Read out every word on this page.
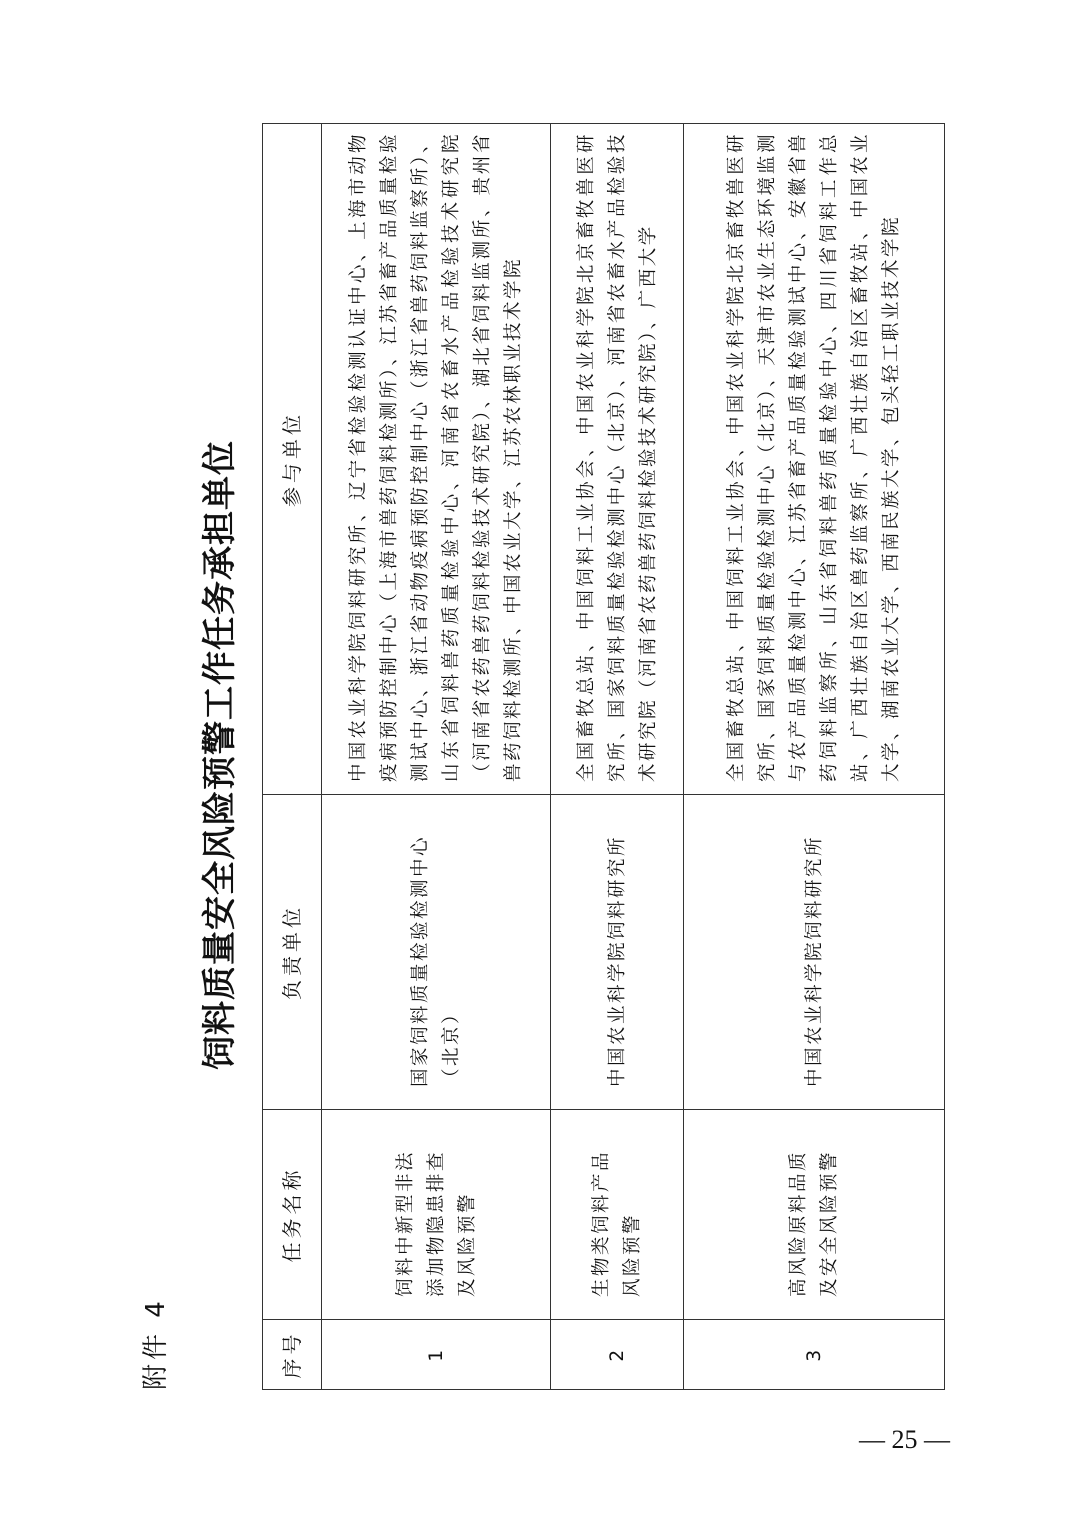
附件 4
饲料质量安全风险预警工作任务承担单位
序号	任务名称	负责单位	参与单位
1	饲料中新型非法添加物隐患排查及风险预警	国家饲料质量检验检测中心（北京）	中国农业科学院饲料研究所、辽宁省检验检测认证中心、上海市动物疫病预防控制中心（上海市兽药饲料检测所）、江苏省畜产品质量检验测试中心、浙江省动物疫病预防控制中心（浙江省兽药饲料监察所）、山东省饲料兽药质量检验中心、河南省农畜水产品检验技术研究院（河南省农药兽药饲料检验技术研究院）、湖北省饲料监测所、贵州省兽药饲料检测所、中国农业大学、江苏农林职业技术学院
2	生物类饲料产品风险预警	中国农业科学院饲料研究所	全国畜牧总站、中国饲料工业协会、中国农业科学院北京畜牧兽医研究所、国家饲料质量检验检测中心（北京）、河南省农畜水产品检验技术研究院（河南省农药兽药饲料检验技术研究院）、广西大学
3	高风险原料品质及安全风险预警	中国农业科学院饲料研究所	全国畜牧总站、中国饲料工业协会、中国农业科学院北京畜牧兽医研究所、国家饲料质量检验检测中心（北京）、天津市农业生态环境监测与农产品质量检测中心、江苏省畜产品质量检验测试中心、安徽省兽药饲料监察所、山东省饲料兽药质量检验中心、四川省饲料工作总站、广西壮族自治区兽药监察所、广西壮族自治区畜牧站、中国农业大学、湖南农业大学、西南民族大学、包头轻工职业技术学院
— 25 —
